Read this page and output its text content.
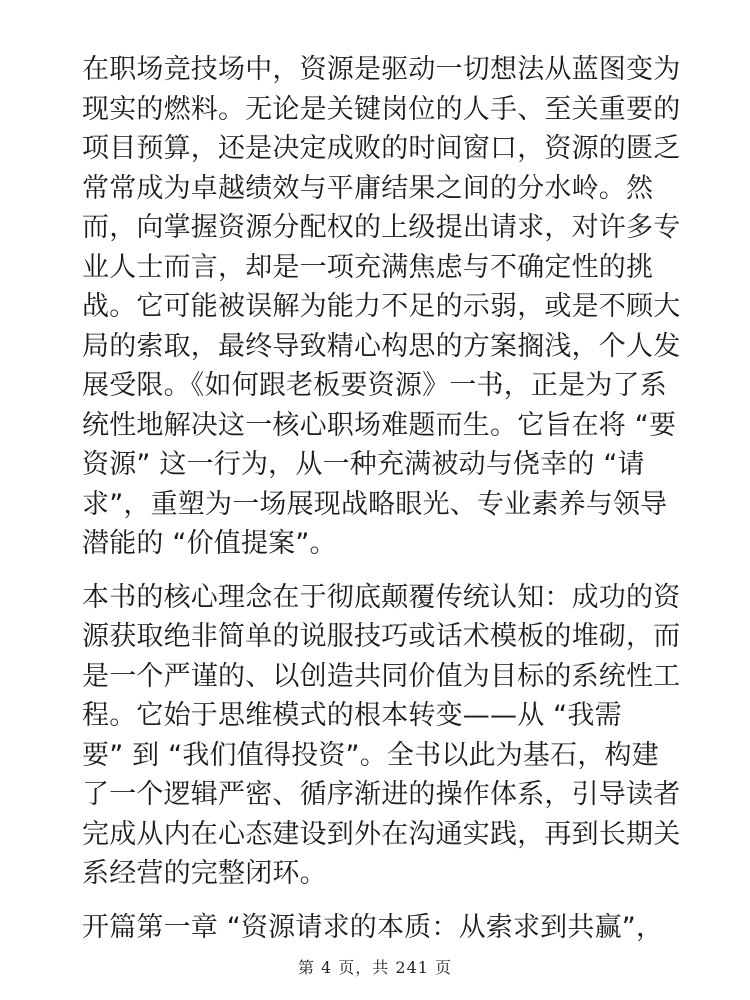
在职场竞技场中，资源是驱动一切想法从蓝图变为
现实的燃料。无论是关键岗位的人手、至关重要的
项目预算，还是决定成败的时间窗口，资源的匮乏
常常成为卓越绩效与平庸结果之间的分水岭。然
而，向掌握资源分配权的上级提出请求，对许多专
业人士而言，却是一项充满焦虑与不确定性的挑
战。它可能被误解为能力不足的示弱，或是不顾大
局的索取，最终导致精心构思的方案搁浅，个人发
展受限。《如何跟老板要资源》一书，正是为了系
统性地解决这一核心职场难题而生。它旨在将 “要
资源” 这一行为，从一种充满被动与侥幸的 “请
求”，重塑为一场展现战略眼光、专业素养与领导
潜能的 “价值提案”。

本书的核心理念在于彻底颠覆传统认知：成功的资
源获取绝非简单的说服技巧或话术模板的堆砌，而
是一个严谨的、以创造共同价值为目标的系统性工
程。它始于思维模式的根本转变——从 “我需
要” 到 “我们值得投资”。全书以此为基石，构建
了一个逻辑严密、循序渐进的操作体系，引导读者
完成从内在心态建设到外在沟通实践，再到长期关
系经营的完整闭环。

开篇第一章 “资源请求的本质：从索求到共赢”，

第 4 页，共 241 页
